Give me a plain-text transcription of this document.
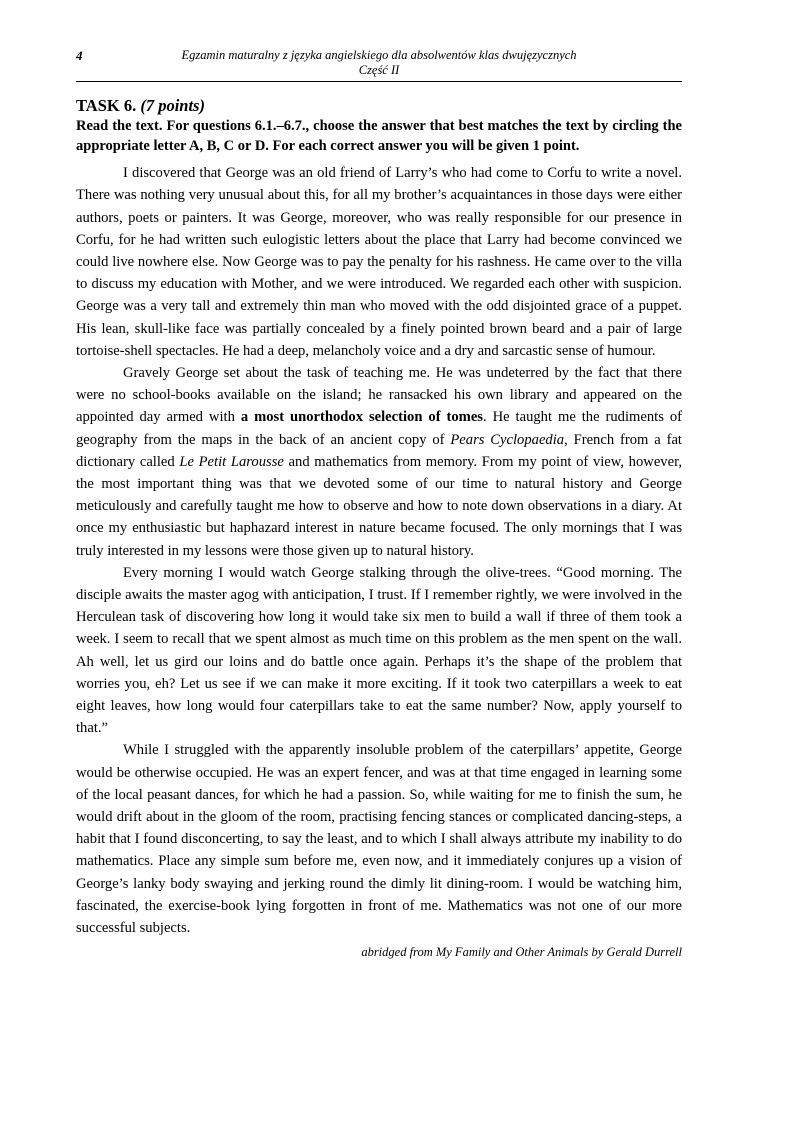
4	Egzamin maturalny z języka angielskiego dla absolwentów klas dwujęzycznych
Część II
TASK 6. (7 points)
Read the text. For questions 6.1.–6.7., choose the answer that best matches the text by circling the appropriate letter A, B, C or D. For each correct answer you will be given 1 point.

I discovered that George was an old friend of Larry’s who had come to Corfu to write a novel. There was nothing very unusual about this, for all my brother’s acquaintances in those days were either authors, poets or painters. It was George, moreover, who was really responsible for our presence in Corfu, for he had written such eulogistic letters about the place that Larry had become convinced we could live nowhere else. Now George was to pay the penalty for his rashness. He came over to the villa to discuss my education with Mother, and we were introduced. We regarded each other with suspicion. George was a very tall and extremely thin man who moved with the odd disjointed grace of a puppet. His lean, skull-like face was partially concealed by a finely pointed brown beard and a pair of large tortoise-shell spectacles. He had a deep, melancholy voice and a dry and sarcastic sense of humour.

Gravely George set about the task of teaching me. He was undeterred by the fact that there were no school-books available on the island; he ransacked his own library and appeared on the appointed day armed with a most unorthodox selection of tomes. He taught me the rudiments of geography from the maps in the back of an ancient copy of Pears Cyclopaedia, French from a fat dictionary called Le Petit Larousse and mathematics from memory. From my point of view, however, the most important thing was that we devoted some of our time to natural history and George meticulously and carefully taught me how to observe and how to note down observations in a diary. At once my enthusiastic but haphazard interest in nature became focused. The only mornings that I was truly interested in my lessons were those given up to natural history.

Every morning I would watch George stalking through the olive-trees. “Good morning. The disciple awaits the master agog with anticipation, I trust. If I remember rightly, we were involved in the Herculean task of discovering how long it would take six men to build a wall if three of them took a week. I seem to recall that we spent almost as much time on this problem as the men spent on the wall. Ah well, let us gird our loins and do battle once again. Perhaps it’s the shape of the problem that worries you, eh? Let us see if we can make it more exciting. If it took two caterpillars a week to eat eight leaves, how long would four caterpillars take to eat the same number? Now, apply yourself to that.”

While I struggled with the apparently insoluble problem of the caterpillars’ appetite, George would be otherwise occupied. He was an expert fencer, and was at that time engaged in learning some of the local peasant dances, for which he had a passion. So, while waiting for me to finish the sum, he would drift about in the gloom of the room, practising fencing stances or complicated dancing-steps, a habit that I found disconcerting, to say the least, and to which I shall always attribute my inability to do mathematics. Place any simple sum before me, even now, and it immediately conjures up a vision of George’s lanky body swaying and jerking round the dimly lit dining-room. I would be watching him, fascinated, the exercise-book lying forgotten in front of me. Mathematics was not one of our more successful subjects.

abridged from My Family and Other Animals by Gerald Durrell
